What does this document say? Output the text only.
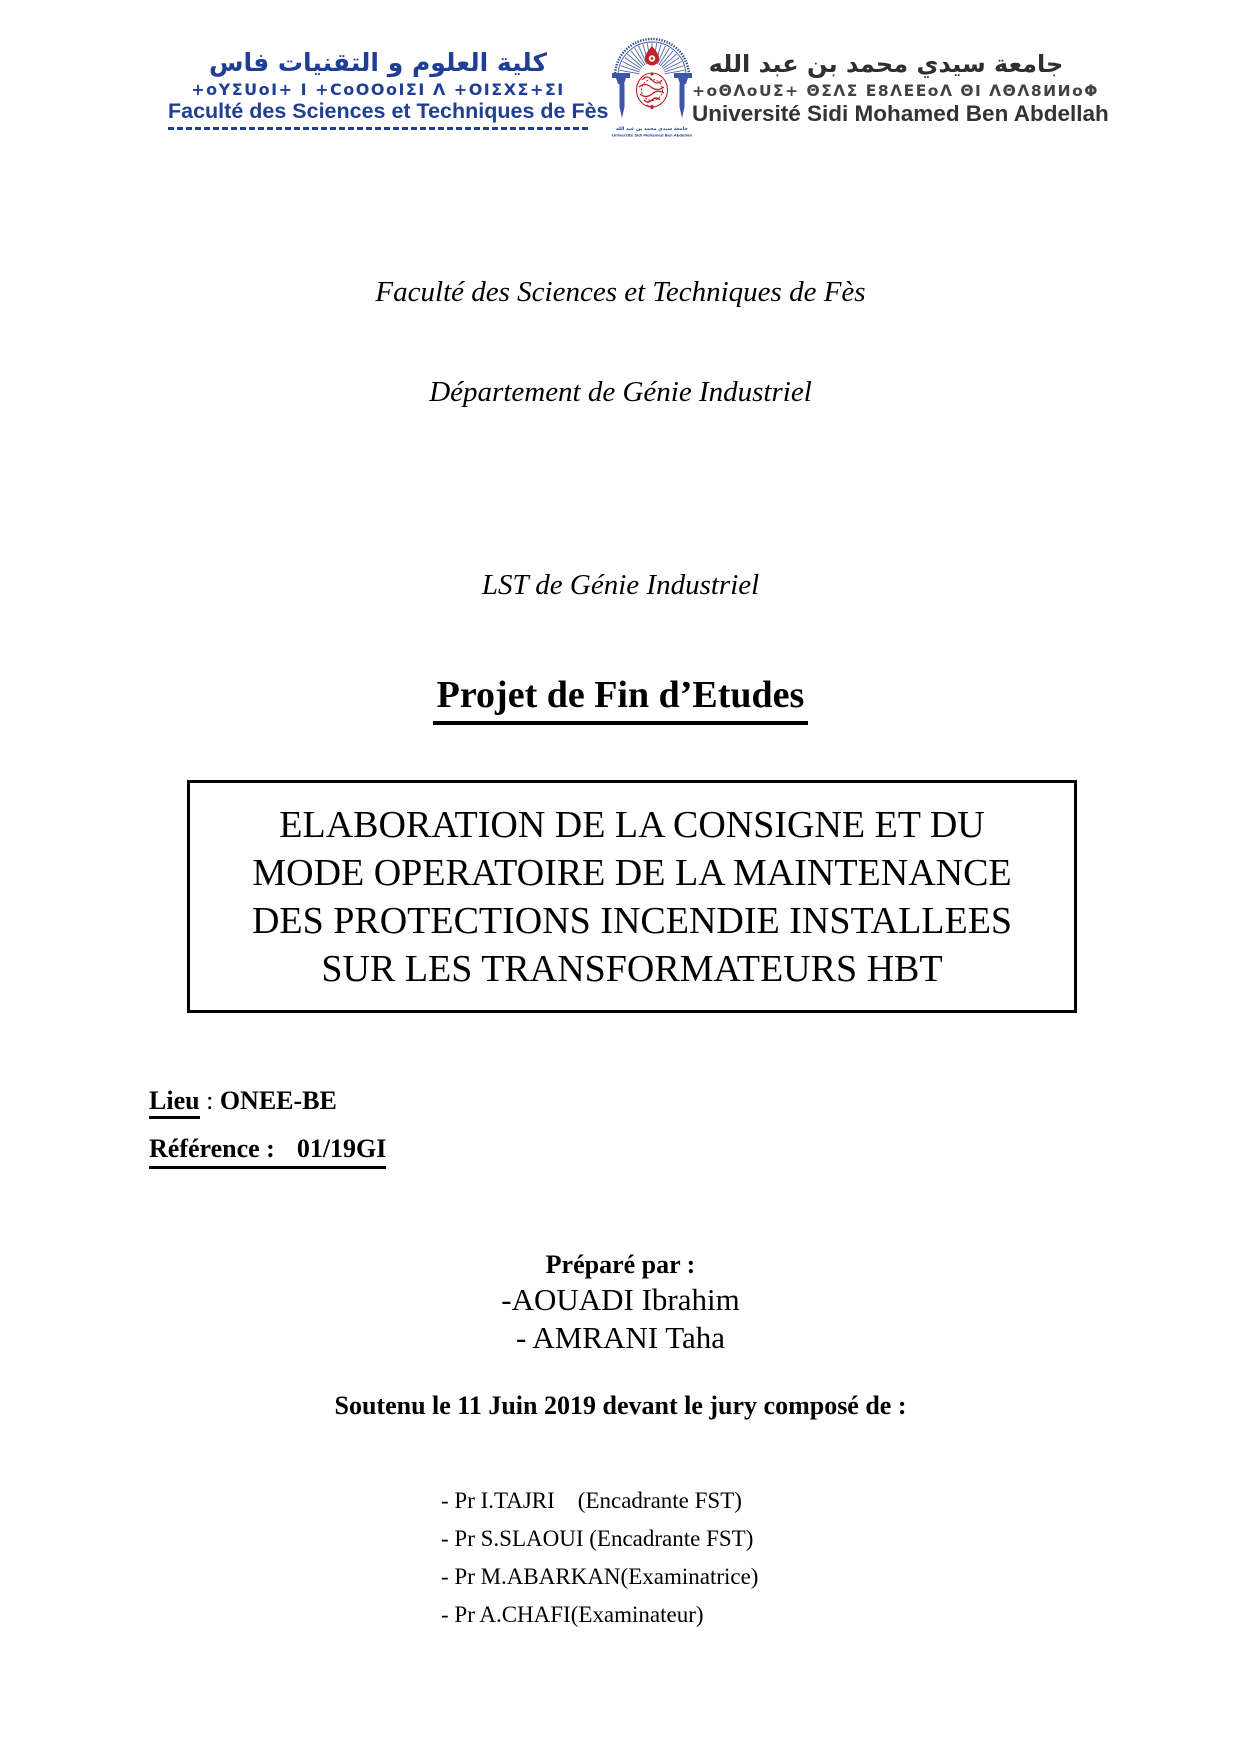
كلية العلوم و التقنيات فاس
+oYΣUoI+ I +CoOOoIΣI Λ +OIΣXΣ+ΣI
Faculté des Sciences et Techniques de Fès
جامعة سيدي محمد بن عبد الله
Université Sidi Mohamed Ben Abdellah
جامعة سيدي محمد بن عبد الله
+oΘΛoUΣ+ ΘΣΛΣ Ε8ΛΕΕoΛ ΘI ΛΘΛ8ИИoΦ
Université Sidi Mohamed Ben Abdellah
Faculté des Sciences et Techniques de Fès
Département de Génie Industriel
LST de Génie Industriel
Projet de Fin d’Etudes
ELABORATION DE LA CONSIGNE ET DU
MODE OPERATOIRE DE LA MAINTENANCE
DES PROTECTIONS INCENDIE INSTALLEES
SUR LES TRANSFORMATEURS HBT
Lieu : ONEE-BE
Référence : 01/19GI
Préparé par :
-AOUADI Ibrahim
- AMRANI Taha
Soutenu le 11 Juin 2019 devant le jury composé de :
- Pr I.TAJRI    (Encadrante FST)
- Pr S.SLAOUI (Encadrante FST)
- Pr M.ABARKAN(Examinatrice)
- Pr A.CHAFI(Examinateur)
